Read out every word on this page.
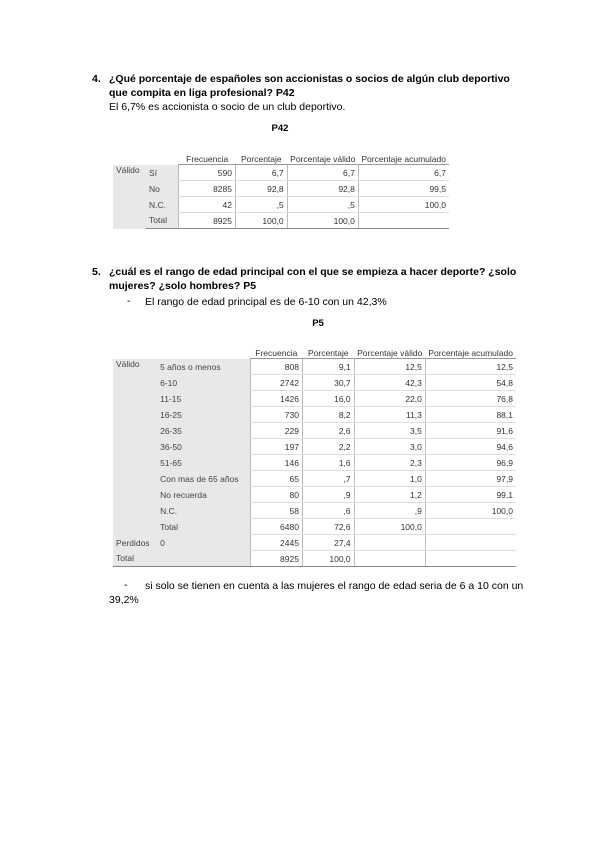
4. ¿Qué porcentaje de españoles son accionistas o socios de algún club deportivo que compita en liga profesional? P42
El 6,7% es accionista o socio de un club deportivo.
P42
		Frecuencia	Porcentaje	Porcentaje válido	Porcentaje acumulado
Válido	Sí	590	6,7	6,7	6,7
	No	8285	92,8	92,8	99,5
	N.C.	42	,5	,5	100,0
	Total	8925	100,0	100,0	
5. ¿cuál es el rango de edad principal con el que se empieza a hacer deporte? ¿solo mujeres? ¿solo hombres? P5
- El rango de edad principal es de 6-10 con un 42,3%
P5
		Frecuencia	Porcentaje	Porcentaje válido	Porcentaje acumulado
Válido	5 años o menos	808	9,1	12,5	12,5
	6-10	2742	30,7	42,3	54,8
	11-15	1426	16,0	22,0	76,8
	16-25	730	8,2	11,3	88,1
	26-35	229	2,6	3,5	91,6
	36-50	197	2,2	3,0	94,6
	51-65	146	1,6	2,3	96,9
	Con mas de 65 años	65	,7	1,0	97,9
	No recuerda	80	,9	1,2	99,1
	N.C.	58	,6	,9	100,0
	Total	6480	72,6	100,0	
Perdidos	0	2445	27,4		
Total		8925	100,0		
-	si solo se tienen en cuenta a las mujeres el rango de edad seria de 6 a 10 con un 39,2%
